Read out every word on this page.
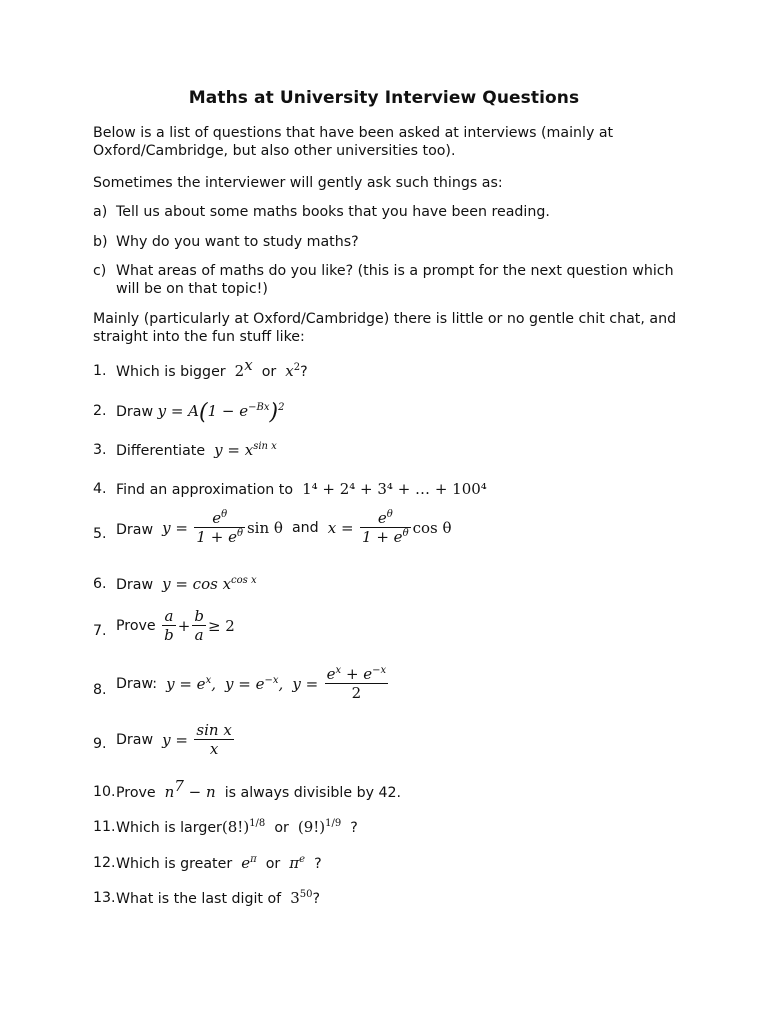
Maths at University Interview Questions
Below is a list of questions that have been asked at interviews (mainly at Oxford/Cambridge, but also other universities too).
Sometimes the interviewer will gently ask such things as:
a) Tell us about some maths books that you have been reading.
b) Why do you want to study maths?
c) What areas of maths do you like? (this is a prompt for the next question which will be on that topic!)
Mainly (particularly at Oxford/Cambridge) there is little or no gentle chit chat, and straight into the fun stuff like:
1. Which is bigger 2$^x$ or $x^2$?
2. Draw $y = A(1 - e^{-Bx})^2$
3. Differentiate $y = x^{sin x}$
4. Find an approximation to 1⁴ + 2⁴ + 3⁴ + … + 100⁴
5. Draw $y = \frac{e^\theta}{1 + e^\theta}$ sin θ and $x = \frac{e^\theta}{1 + e^\theta}$ cos θ
6. Draw $y = \cos x^{cos x}$
7. Prove $\frac{a}{b} + \frac{b}{a} \ge 2$
8. Draw: $y = e^x$, $y = e^{-x}$, $y = \frac{e^x + e^{-x}}{2}$
9. Draw $y = \frac{\text{sin x}}{x}$
10. Prove $n^7 - n$ is always divisible by 42.
11. Which is $larger(8!)^{1/8}$ or $(9!)^{1/9}$ ?
12. Which is greater $e^\pi$ or $\pi^e$ ?
13. What is the last digit of $3^{50}$?
